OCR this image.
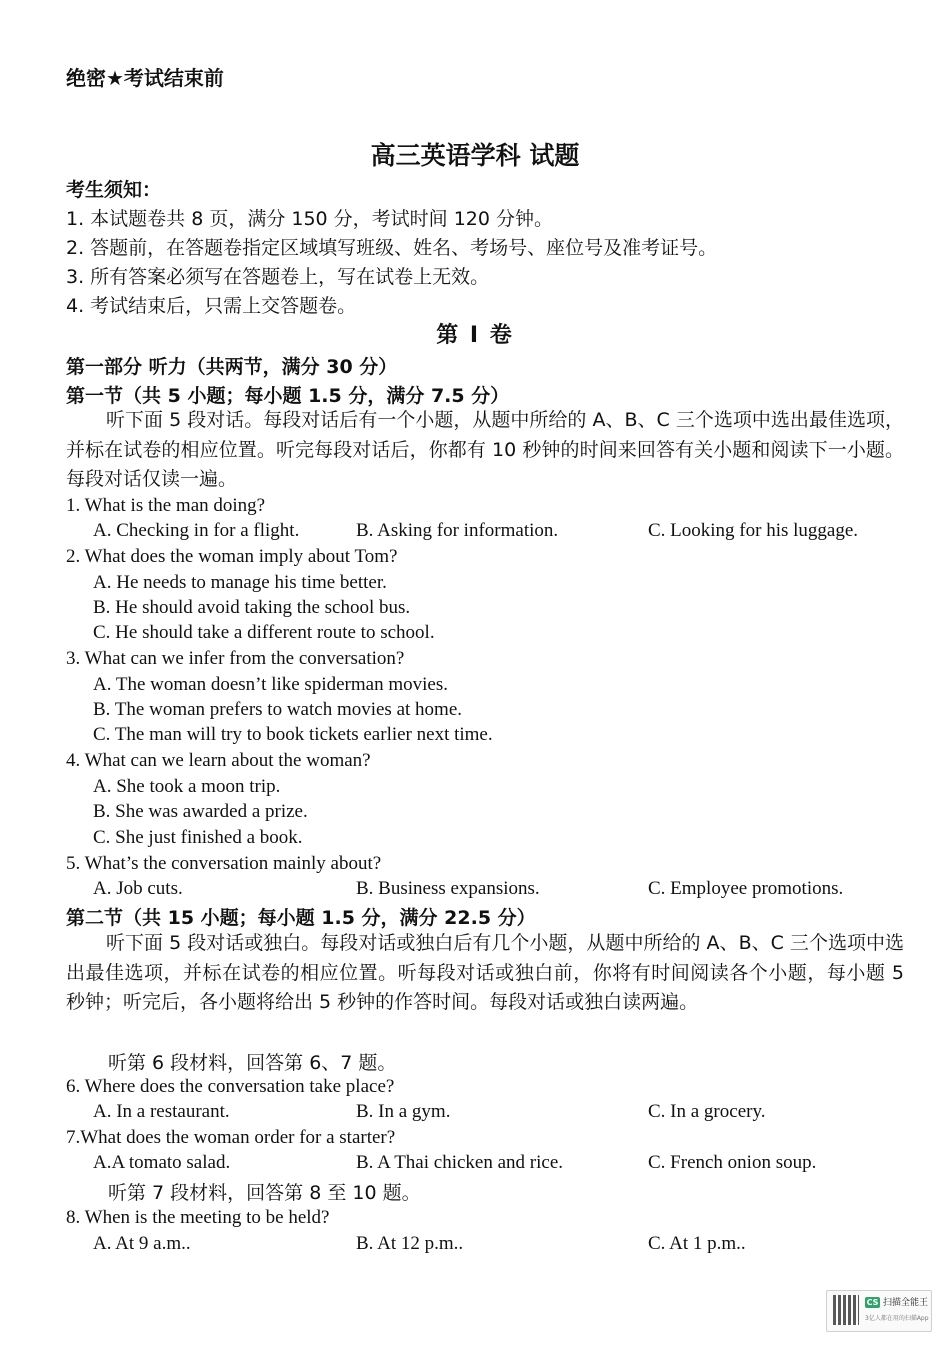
绝密★考试结束前
高三英语学科 试题
考生须知：
1. 本试题卷共 8 页，满分 150 分，考试时间 120 分钟。
2. 答题前，在答题卷指定区域填写班级、姓名、考场号、座位号及准考证号。
3. 所有答案必须写在答题卷上，写在试卷上无效。
4. 考试结束后，只需上交答题卷。
第 I 卷
第一部分 听力（共两节，满分 30 分）
第一节（共 5 小题；每小题 1.5 分，满分 7.5 分）
听下面 5 段对话。每段对话后有一个小题，从题中所给的 A、B、C 三个选项中选出最佳选项，并标在试卷的相应位置。听完每段对话后，你都有 10 秒钟的时间来回答有关小题和阅读下一小题。每段对话仅读一遍。
1. What is the man doing?
A. Checking in for a flight.	B. Asking for information.	C. Looking for his luggage.
2. What does the woman imply about Tom?
A. He needs to manage his time better.
B. He should avoid taking the school bus.
C. He should take a different route to school.
3. What can we infer from the conversation?
A. The woman doesn’t like spiderman movies.
B. The woman prefers to watch movies at home.
C. The man will try to book tickets earlier next time.
4. What can we learn about the woman?
A. She took a moon trip.
B. She was awarded a prize.
C. She just finished a book.
5. What’s the conversation mainly about?
A. Job cuts.	B. Business expansions.	C. Employee promotions.
第二节（共 15 小题；每小题 1.5 分，满分 22.5 分）
听下面 5 段对话或独白。每段对话或独白后有几个小题，从题中所给的 A、B、C 三个选项中选出最佳选项，并标在试卷的相应位置。听每段对话或独白前，你将有时间阅读各个小题，每小题 5 秒钟；听完后，各小题将给出 5 秒钟的作答时间。每段对话或独白读两遍。
听第 6 段材料，回答第 6、7 题。
6. Where does the conversation take place?
A. In a restaurant.	B. In a gym.	C. In a grocery.
7.What does the woman order for a starter?
A.A tomato salad.	B. A Thai chicken and rice.	C. French onion soup.
听第 7 段材料，回答第 8 至 10 题。
8. When is the meeting to be held?
A. At 9 a.m..	B. At 12 p.m..	C. At 1 p.m..
CS 扫描全能王
3亿人都在用的扫描App
